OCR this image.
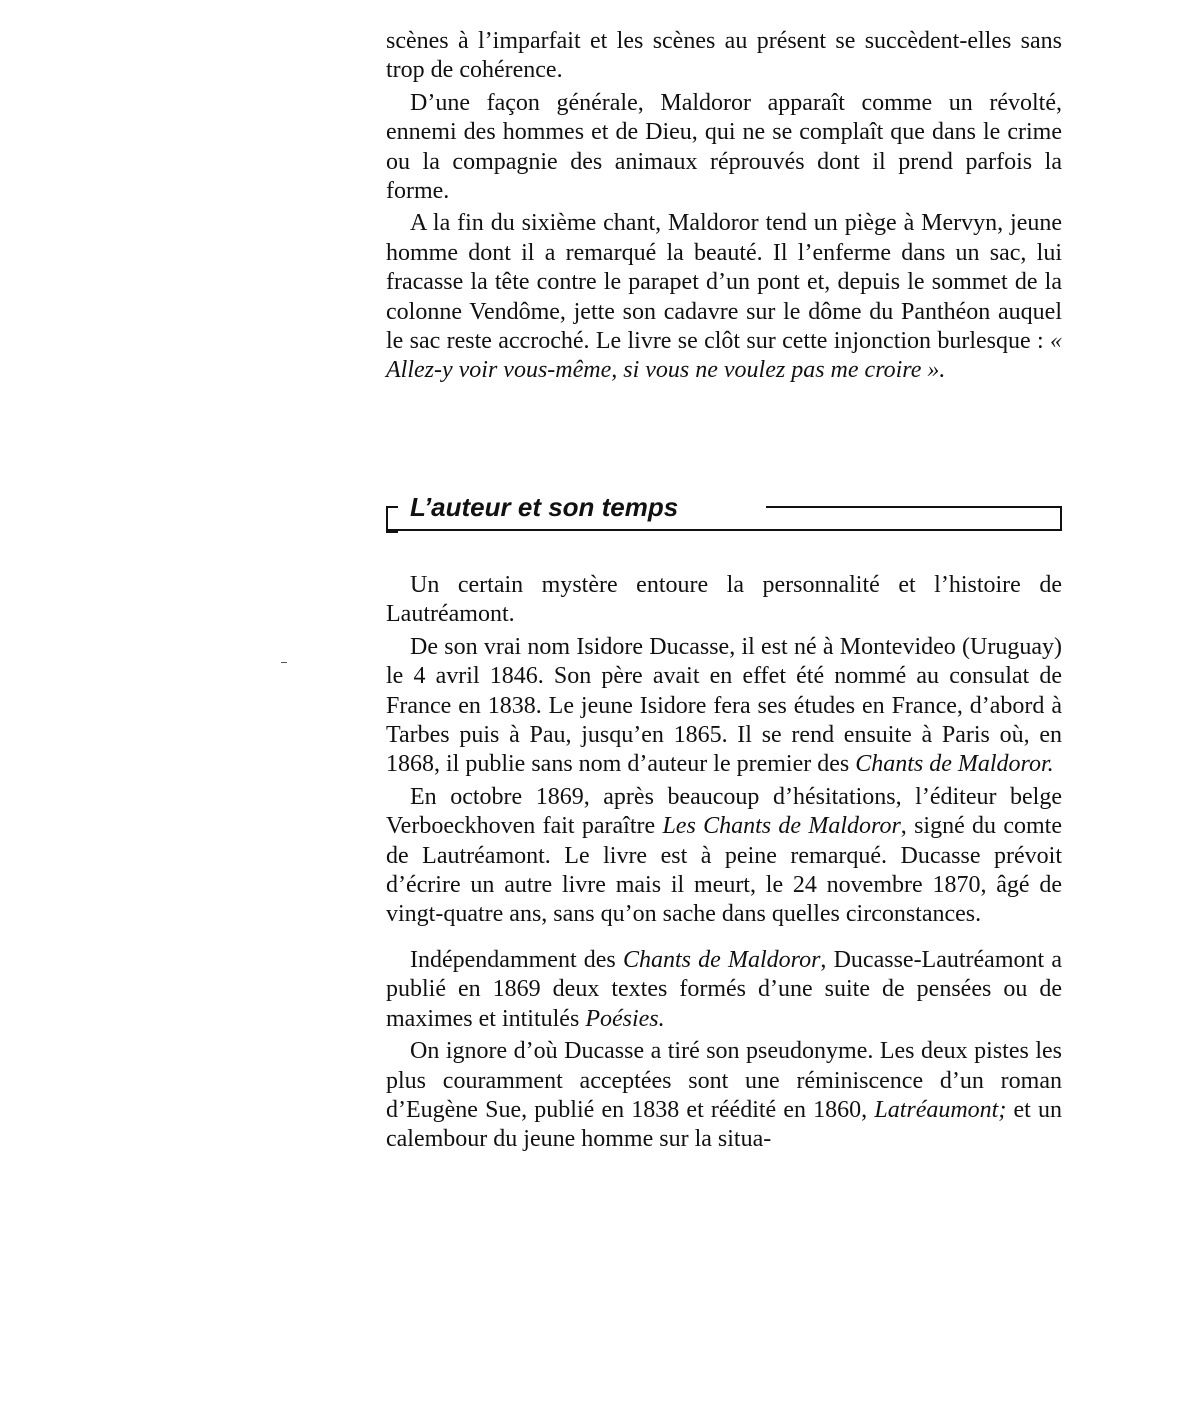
scènes à l’imparfait et les scènes au présent se succèdent-elles sans trop de cohérence.

D’une façon générale, Maldoror apparaît comme un révolté, ennemi des hommes et de Dieu, qui ne se complaît que dans le crime ou la compagnie des animaux réprouvés dont il prend parfois la forme.

A la fin du sixième chant, Maldoror tend un piège à Mervyn, jeune homme dont il a remarqué la beauté. Il l’enferme dans un sac, lui fracasse la tête contre le parapet d’un pont et, depuis le sommet de la colonne Vendôme, jette son cadavre sur le dôme du Panthéon auquel le sac reste accroché. Le livre se clôt sur cette injonction burlesque : « Allez-y voir vous-même, si vous ne voulez pas me croire ».

L’auteur et son temps

Un certain mystère entoure la personnalité et l’histoire de Lautréamont.

De son vrai nom Isidore Ducasse, il est né à Montevideo (Uruguay) le 4 avril 1846. Son père avait en effet été nommé au consulat de France en 1838. Le jeune Isidore fera ses études en France, d’abord à Tarbes puis à Pau, jusqu’en 1865. Il se rend ensuite à Paris où, en 1868, il publie sans nom d’auteur le premier des Chants de Maldoror.

En octobre 1869, après beaucoup d’hésitations, l’éditeur belge Verboeckhoven fait paraître Les Chants de Maldoror, signé du comte de Lautréamont. Le livre est à peine remarqué. Ducasse prévoit d’écrire un autre livre mais il meurt, le 24 novembre 1870, âgé de vingt-quatre ans, sans qu’on sache dans quelles circonstances.

Indépendamment des Chants de Maldoror, Ducasse-Lautréamont a publié en 1869 deux textes formés d’une suite de pensées ou de maximes et intitulés Poésies.

On ignore d’où Ducasse a tiré son pseudonyme. Les deux pistes les plus couramment acceptées sont une réminiscence d’un roman d’Eugène Sue, publié en 1838 et réédité en 1860, Latréaumont; et un calembour du jeune homme sur la situa-
